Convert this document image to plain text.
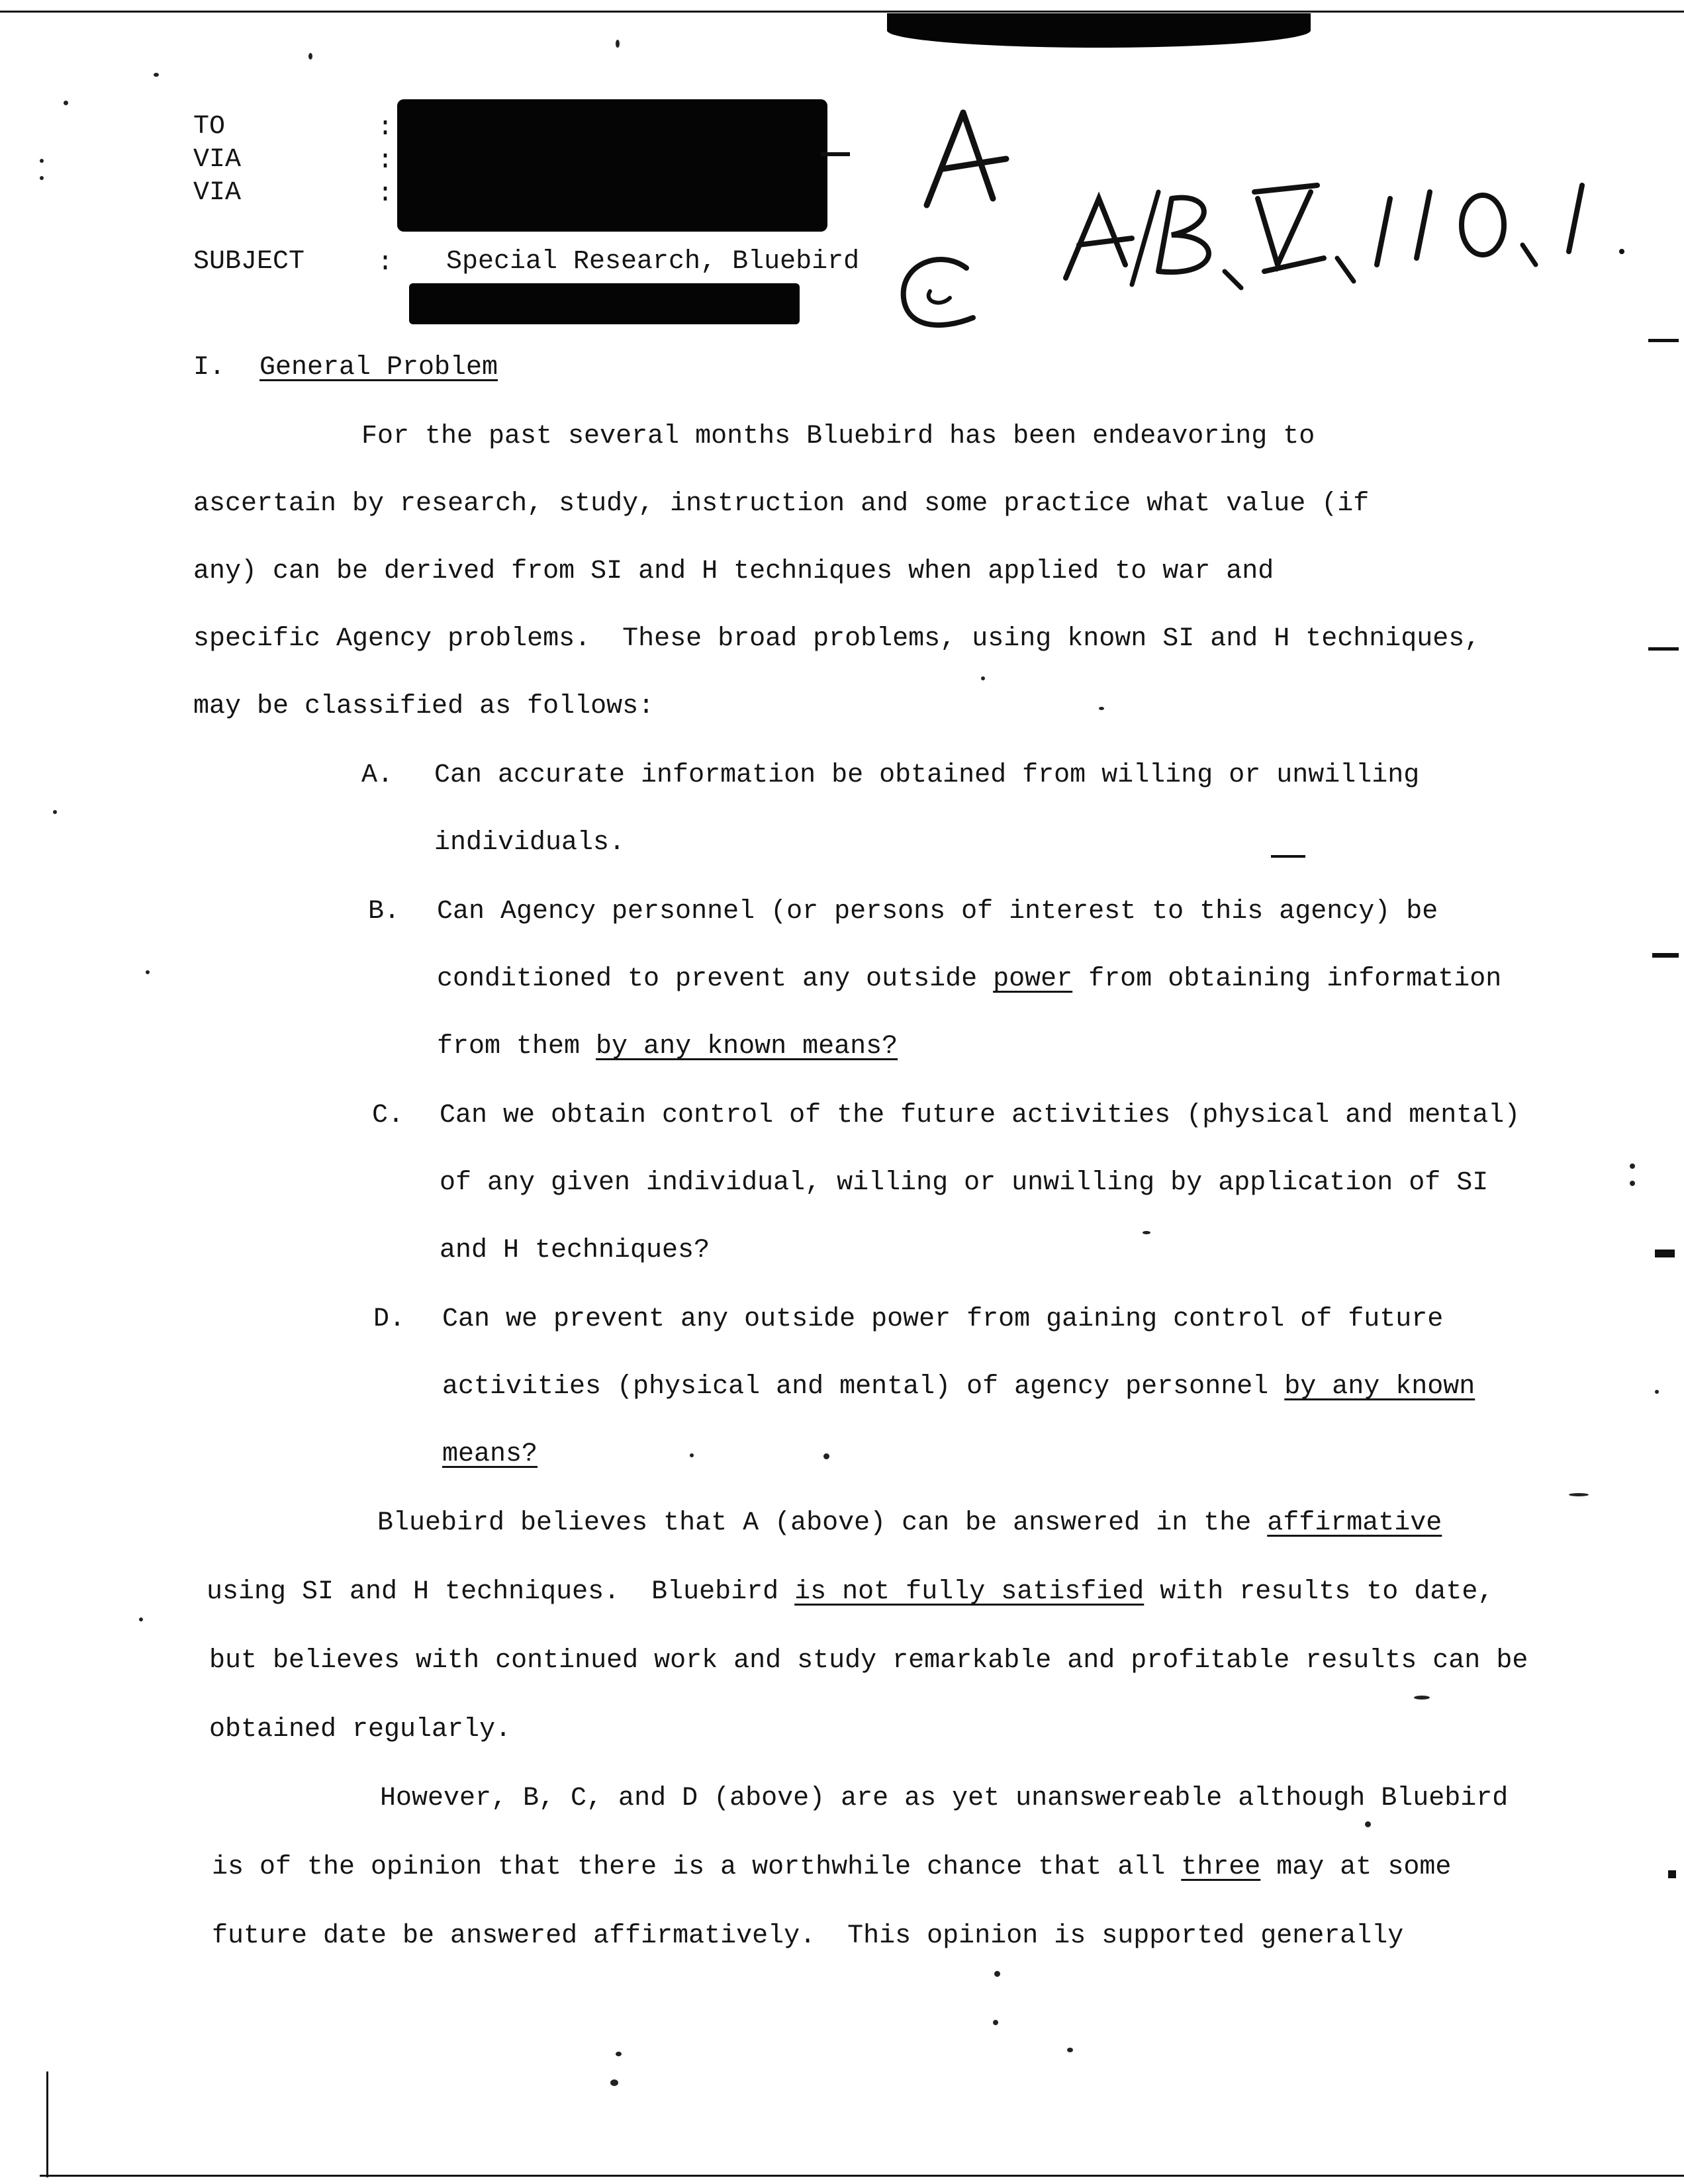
TO
VIA
VIA
:
:
:
SUBJECT	: Special Research, Bluebird
I. General Problem
For the past several months Bluebird has been endeavoring to
ascertain by research, study, instruction and some practice what value (if
any) can be derived from SI and H techniques when applied to war and
specific Agency problems.  These broad problems, using known SI and H techniques,
may be classified as follows:
A. Can accurate information be obtained from willing or unwilling
individuals.
B. Can Agency personnel (or persons of interest to this agency) be
conditioned to prevent any outside power from obtaining information
from them by any known means?
C. Can we obtain control of the future activities (physical and mental)
of any given individual, willing or unwilling by application of SI
and H techniques?
D. Can we prevent any outside power from gaining control of future
activities (physical and mental) of agency personnel by any known
means?
Bluebird believes that A (above) can be answered in the affirmative
using SI and H techniques.  Bluebird is not fully satisfied with results to date,
but believes with continued work and study remarkable and profitable results can be
obtained regularly.
However, B, C, and D (above) are as yet unanswereable although Bluebird
is of the opinion that there is a worthwhile chance that all three may at some
future date be answered affirmatively.  This opinion is supported generally
